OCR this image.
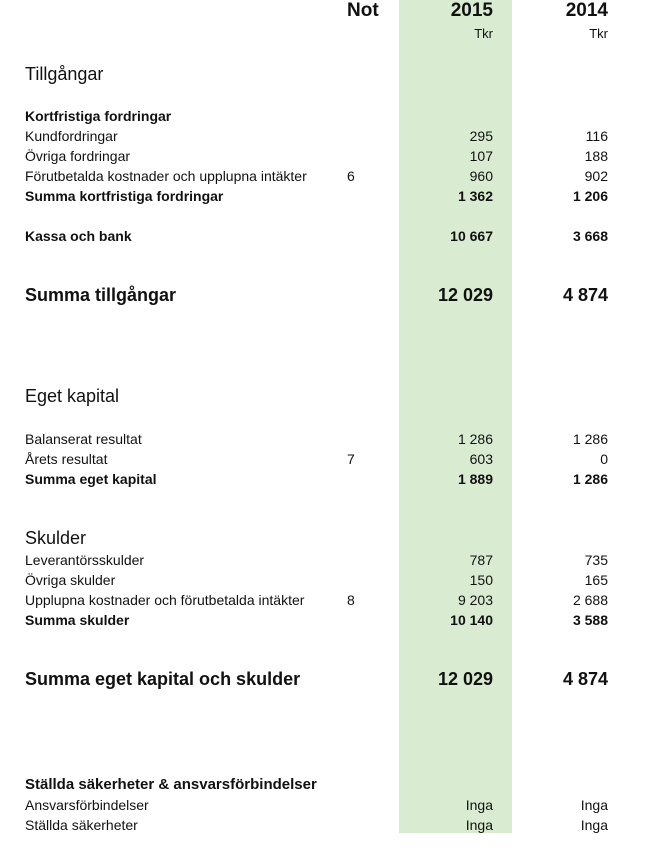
Not	2015	2014
Tkr	Tkr
Tillgångar
Kortfristiga fordringar
Kundfordringar	295	116
Övriga fordringar	107	188
Förutbetalda kostnader och upplupna intäkter	6	960	902
Summa kortfristiga fordringar	1 362	1 206
Kassa och bank	10 667	3 668
Summa tillgångar	12 029	4 874
Eget kapital
Balanserat resultat	1 286	1 286
Årets resultat	7	603	0
Summa eget kapital	1 889	1 286
Skulder
Leverantörsskulder	787	735
Övriga skulder	150	165
Upplupna kostnader och förutbetalda intäkter	8	9 203	2 688
Summa skulder	10 140	3 588
Summa eget kapital och skulder	12 029	4 874
Ställda säkerheter & ansvarsförbindelser
Ansvarsförbindelser	Inga	Inga
Ställda säkerheter	Inga	Inga
